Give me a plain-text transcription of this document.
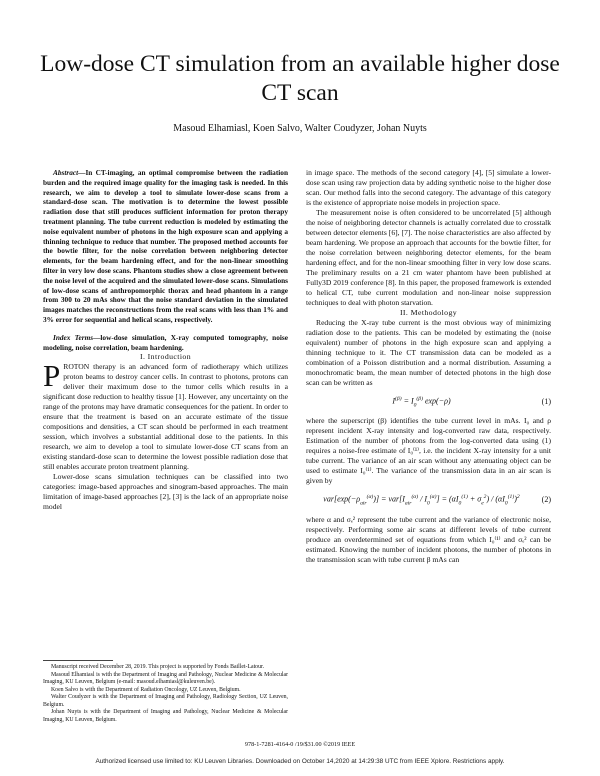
Low-dose CT simulation from an available higher dose CT scan
Masoud Elhamiasl, Koen Salvo, Walter Coudyzer, Johan Nuyts

Abstract—In CT-imaging, an optimal compromise between the radiation burden and the required image quality for the imaging task is needed. In this research, we aim to develop a tool to simulate lower-dose scans from a standard-dose scan. The motivation is to determine the lowest possible radiation dose that still produces sufficient information for proton therapy treatment planning. The tube current reduction is modeled by estimating the noise equivalent number of photons in the high exposure scan and applying a thinning technique to reduce that number. The proposed method accounts for the bowtie filter, for the noise correlation between neighboring detector elements, for the beam hardening effect, and for the non-linear smoothing filter in very low dose scans. Phantom studies show a close agreement between the noise level of the acquired and the simulated lower-dose scans. Simulations of low-dose scans of anthropomorphic thorax and head phantom in a range from 300 to 20 mAs show that the noise standard deviation in the simulated images matches the reconstructions from the real scans with less than 1% and 3% error for sequential and helical scans, respectively.

Index Terms—low-dose simulation, X-ray computed tomography, noise modeling, noise correlation, beam hardening.

I. Introduction

PROTON therapy is an advanced form of radiotherapy which utilizes proton beams to destroy cancer cells. In contrast to photons, protons can deliver their maximum dose to the tumor cells which results in a significant dose reduction to healthy tissue [1]. However, any uncertainty on the range of the protons may have dramatic consequences for the patient. In order to ensure that the treatment is based on an accurate estimate of the tissue compositions and densities, a CT scan should be performed in each treatment session, which involves a substantial additional dose to the patients. In this research, we aim to develop a tool to simulate lower-dose CT scans from an existing standard-dose scan to determine the lowest possible radiation dose that still enables accurate proton treatment planning.

Lower-dose scans simulation techniques can be classified into two categories: image-based approaches and sinogram-based approaches. The main limitation of image-based approaches [2], [3] is the lack of an appropriate noise model

Manuscript received December 28, 2019. This project is supported by Fonds Baillet-Latour.

Masoud Elhamiasl is with the Department of Imaging and Pathology, Nuclear Medicine & Molecular Imaging, KU Leuven, Belgium (e-mail: masoud.elhamiasl@kuleuven.be).

Koen Salvo is with the Department of Radiation Oncology, UZ Leuven, Belgium.

Walter Coudyzer is with the Department of Imaging and Pathology, Radiology Section, UZ Leuven, Belgium.

Johan Nuyts is with the Department of Imaging and Pathology, Nuclear Medicine & Molecular Imaging, KU Leuven, Belgium.

in image space. The methods of the second category [4], [5] simulate a lower-dose scan using raw projection data by adding synthetic noise to the higher dose scan. Our method falls into the second category. The advantage of this category is the existence of appropriate noise models in projection space.

The measurement noise is often considered to be uncorrelated [5] although the noise of neighboring detector channels is actually correlated due to crosstalk between detector elements [6], [7]. The noise characteristics are also affected by beam hardening. We propose an approach that accounts for the bowtie filter, for the noise correlation between neighboring detector elements, for the beam hardening effect, and for the non-linear smoothing filter in very low dose scans. The preliminary results on a 21 cm water phantom have been published at Fully3D 2019 conference [8]. In this paper, the proposed framework is extended to helical CT, tube current modulation and non-linear noise suppression techniques to deal with photon starvation.

II. Methodology

Reducing the X-ray tube current is the most obvious way of minimizing radiation dose to the patients. This can be modeled by estimating the (noise equivalent) number of photons in the high exposure scan and applying a thinning technique to it. The CT transmission data can be modeled as a combination of a Poisson distribution and a normal distribution. Assuming a monochromatic beam, the mean number of detected photons in the high dose scan can be written as

$I^{(\beta)} = I_0^{(\beta)}$ exp(−ρ)	(1)

where the superscript (β) identifies the tube current level in mAs. I₀ and ρ represent incident X-ray intensity and log-converted raw data, respectively. Estimation of the number of photons from the log-converted data using (1) requires a noise-free estimate of I₀⁽¹⁾, i.e. the incident X-ray intensity for a unit tube current. The variance of an air scan without any attenuating object can be used to estimate I₀⁽¹⁾. The variance of the transmission data in an air scan is given by

$var[\exp(-\rho_{air}^{(\alpha)})] = var[I_{air}^{(\alpha)} / I_0^{(\alpha)}] = (\alpha I_0^{(1)} + \sigma_e^2) / (\alpha I_0^{(1)})^2$	(2)

where α and σₑ² represent the tube current and the variance of electronic noise, respectively. Performing some air scans at different levels of tube current produce an overdetermined set of equations from which I₀⁽¹⁾ and σₑ² can be estimated. Knowing the number of incident photons, the number of photons in the transmission scan with tube current β mAs can

978-1-7281-4164-0 /19/$31.00 ©2019 IEEE
Authorized licensed use limited to: KU Leuven Libraries. Downloaded on October 14,2020 at 14:29:38 UTC from IEEE Xplore. Restrictions apply.
